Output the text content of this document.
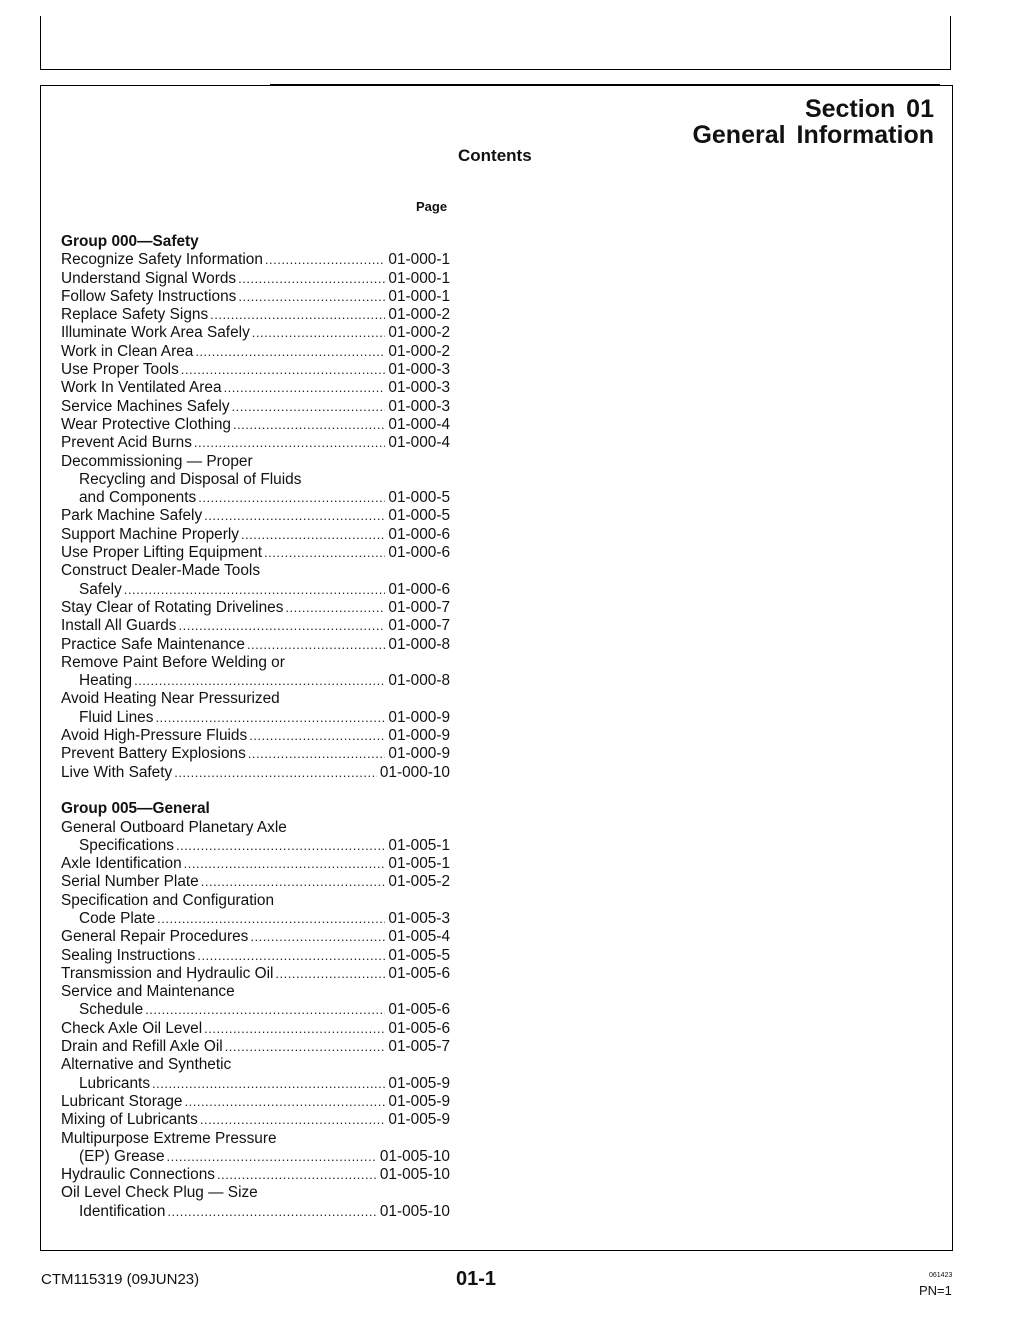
Section 01
General Information
Contents
Page
Group 000—Safety
Recognize Safety Information .....	01-000-1
Understand Signal Words .....	01-000-1
Follow Safety Instructions .....	01-000-1
Replace Safety Signs .....	01-000-2
Illuminate Work Area Safely .....	01-000-2
Work in Clean Area .....	01-000-2
Use Proper Tools .....	01-000-3
Work In Ventilated Area .....	01-000-3
Service Machines Safely .....	01-000-3
Wear Protective Clothing .....	01-000-4
Prevent Acid Burns .....	01-000-4
Decommissioning — Proper
Recycling and Disposal of Fluids
and Components .....	01-000-5
Park Machine Safely .....	01-000-5
Support Machine Properly .....	01-000-6
Use Proper Lifting Equipment .....	01-000-6
Construct Dealer-Made Tools
Safely .....	01-000-6
Stay Clear of Rotating Drivelines .....	01-000-7
Install All Guards .....	01-000-7
Practice Safe Maintenance .....	01-000-8
Remove Paint Before Welding or
Heating .....	01-000-8
Avoid Heating Near Pressurized
Fluid Lines .....	01-000-9
Avoid High-Pressure Fluids .....	01-000-9
Prevent Battery Explosions .....	01-000-9
Live With Safety .....	01-000-10
Group 005—General
General Outboard Planetary Axle
Specifications .....	01-005-1
Axle Identification .....	01-005-1
Serial Number Plate .....	01-005-2
Specification and Configuration
Code Plate .....	01-005-3
General Repair Procedures .....	01-005-4
Sealing Instructions .....	01-005-5
Transmission and Hydraulic Oil .....	01-005-6
Service and Maintenance
Schedule .....	01-005-6
Check Axle Oil Level .....	01-005-6
Drain and Refill Axle Oil .....	01-005-7
Alternative and Synthetic
Lubricants .....	01-005-9
Lubricant Storage .....	01-005-9
Mixing of Lubricants .....	01-005-9
Multipurpose Extreme Pressure
(EP) Grease .....	01-005-10
Hydraulic Connections .....	01-005-10
Oil Level Check Plug — Size
Identification .....	01-005-10
CTM115319 (09JUN23)	01-1	061423
PN=1
